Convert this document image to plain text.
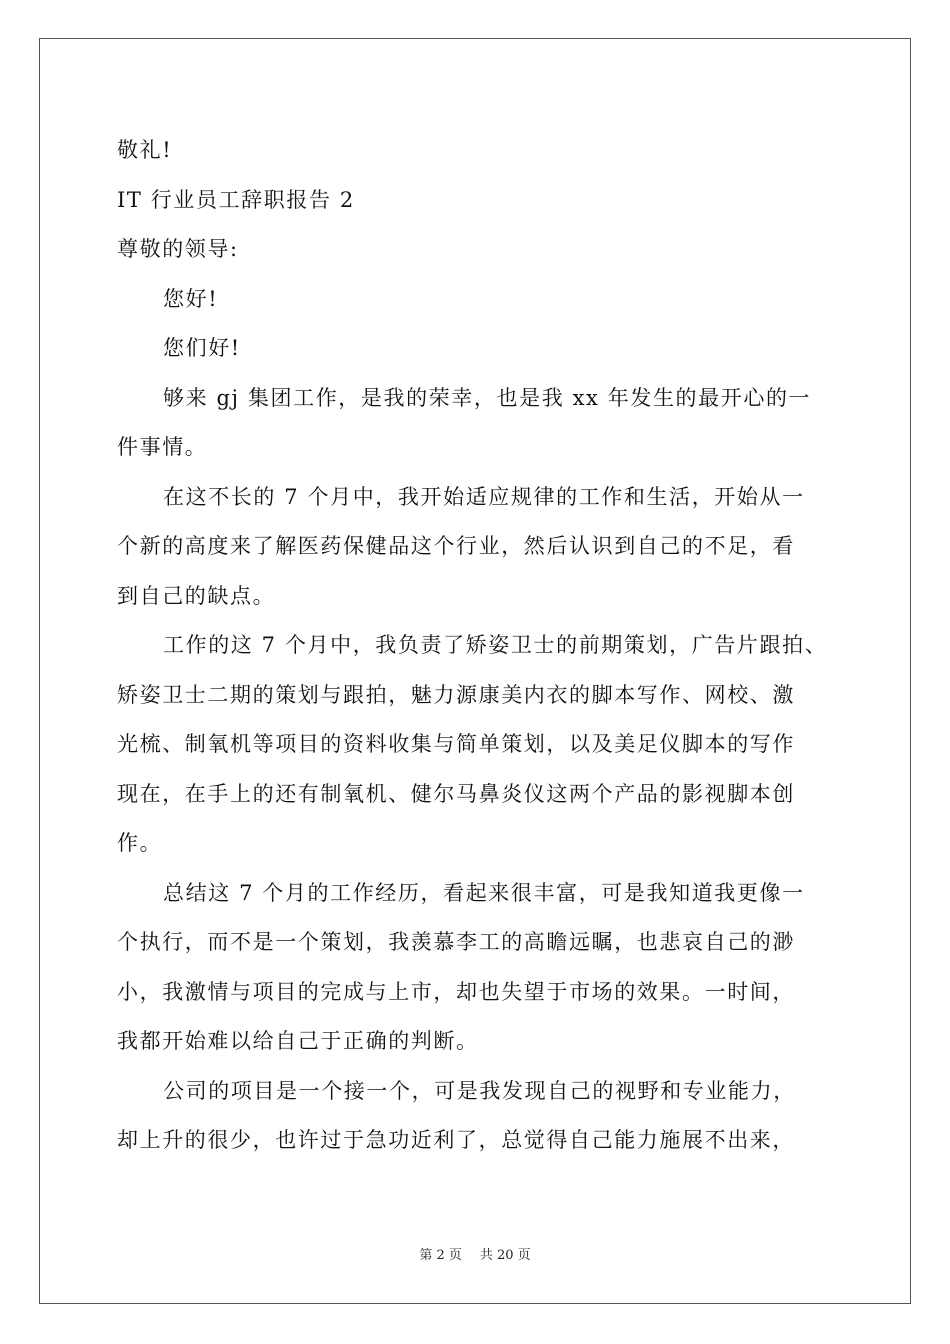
敬礼!
IT 行业员工辞职报告 2
尊敬的领导:
您好!
您们好!
够来 gj 集团工作，是我的荣幸，也是我 xx 年发生的最开心的一
件事情。
在这不长的 7 个月中，我开始适应规律的工作和生活，开始从一
个新的高度来了解医药保健品这个行业，然后认识到自己的不足，看
到自己的缺点。
工作的这 7 个月中，我负责了矫姿卫士的前期策划，广告片跟拍、
矫姿卫士二期的策划与跟拍，魅力源康美内衣的脚本写作、网校、激
光梳、制氧机等项目的资料收集与简单策划，以及美足仪脚本的写作
现在，在手上的还有制氧机、健尔马鼻炎仪这两个产品的影视脚本创
作。
总结这 7 个月的工作经历，看起来很丰富，可是我知道我更像一
个执行，而不是一个策划，我羡慕李工的高瞻远瞩，也悲哀自己的渺
小，我激情与项目的完成与上市，却也失望于市场的效果。一时间，
我都开始难以给自己于正确的判断。
公司的项目是一个接一个，可是我发现自己的视野和专业能力，
却上升的很少，也许过于急功近利了，总觉得自己能力施展不出来，
第 2 页 共 20 页
